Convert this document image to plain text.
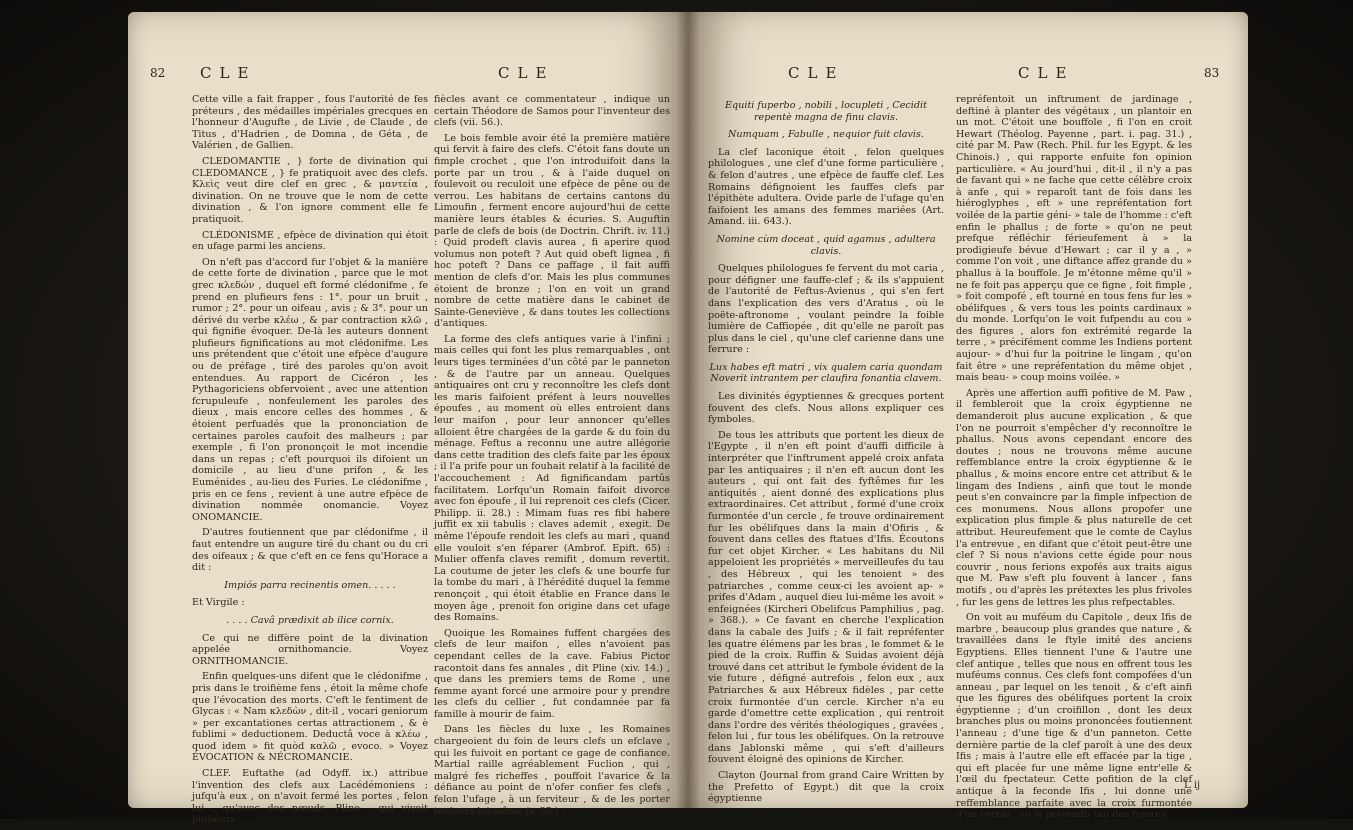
82 CLE	CLE

Cette ville a fait frapper , fous l'autorité de fes préteurs , des médailles impériales grecques en l'honneur d'Augufte , de Livie , de Claude , de Titus , d'Hadrien , de Domna , de Géta , de Valérien , de Gallien.

CLEDOMANTIE , } forte de divination qui CLEDOMANCE , } fe pratiquoit avec des clefs. Κλεὶς veut dire clef en grec , & μαντεία , divination. On ne trouve que le nom de cette divination , & l'on ignore comment elle fe pratiquoit.

CLÉDONISME , efpèce de divination qui étoit en ufage parmi les anciens.

On n'eft pas d'accord fur l'objet & la manière de cette forte de divination , parce que le mot grec κλεδών , duquel eft formé clédonifme , fe prend en plufieurs fens : 1°. pour un bruit , rumor ; 2°. pour un oifeau , avis ; & 3°. pour un dérivé du verbe κλέω , & par contraction κλῶ , qui fignifie évoquer. De-là les auteurs donnent plufieurs fignifications au mot clédonifme. Les uns prétendent que c'étoit une efpèce d'augure ou de préfage , tiré des paroles qu'on avoit entendues. Au rapport de Cicéron , les Pythagoriciens obfervoient , avec une attention fcrupuleufe , nonfeulement les paroles des dieux , mais encore celles des hommes , & étoient perfuadés que la prononciation de certaines paroles caufoit des malheurs ; par exemple , fi l'on prononçoit le mot incendie dans un repas ; c'eft pourquoi ils difoient un domicile , au lieu d'une prifon , & les Euménides , au-lieu des Furies. Le clédonifme , pris en ce fens , revient à une autre efpèce de divination nommée onomancie. Voyez ONOMANCIE.

D'autres foutiennent que par clédonifme , il faut entendre un augure tiré du chant ou du cri des oifeaux ; & que c'eft en ce fens qu'Horace a dit :

Impiós parra recinentis omen. . . . .

Et Virgile :

. . . . Cavâ prædixit ab ilice cornix.

Ce qui ne diffère point de la divination appelée ornithomancie. Voyez ORNITHOMANCIE.

Enfin quelques-uns difent que le clédonifme , pris dans le troifième fens , étoit la même chofe que l'évocation des morts. C'eft le fentiment de Glycas : « Nam κλεδὼν , dit-il , vocari geniorum » per excantationes certas attractionem , & è fublimi » deductionem. Deductâ voce à κλέω , quod idem » fit quòd καλῶ , evoco. » Voyez ÉVOCATION & NÉCROMANCIE.

CLEF. Euftathe (ad Odyff. ix.) attribue l'invention des clefs aux Lacédémoniens ; jufqu'à eux , on n'avoit fermé les portes , felon lui , qu'avec des nœuds. Pline , qui vivoit plufieurs

fiècles avant ce commentateur , indique un certain Théodore de Samos pour l'inventeur des clefs (vii. 56.).

Le bois femble avoir été la première matière qui fervit à faire des clefs. C'étoit fans doute un fimple crochet , que l'on introduifoit dans la porte par un trou , & à l'aide duquel on foulevoit ou reculoit une efpèce de pêne ou de verrou. Les habitans de certains cantons du Limoufin , ferment encore aujourd'hui de cette manière leurs étables & écuries. S. Auguftin parle de clefs de bois (de Doctrin. Chrift. iv. 11.) : Quid prodeft clavis aurea , fi aperire quod volumus non poteft ? Aut quid obeft lignea , fi hoc poteft ? Dans ce paffage , il fait auffi mention de clefs d'or. Mais les plus communes étoient de bronze ; l'on en voit un grand nombre de cette matière dans le cabinet de Sainte-Geneviève , & dans toutes les collections d'antiques.

La forme des clefs antiques varie à l'infini ; mais celles qui font les plus remarquables , ont leurs tiges terminées d'un côté par le panneton , & de l'autre par un anneau. Quelques antiquaires ont cru y reconnoître les clefs dont les maris faifoient préfent à leurs nouvelles époufes , au moment où elles entroient dans leur maifon , pour leur annoncer qu'elles alloient être chargées de la garde & du foin du ménage. Feftus a reconnu une autre allégorie dans cette tradition des clefs faite par les époux ; il l'a prife pour un fouhait relatif à la facilité de l'accouchement : Ad fignificandam partûs facilitatem. Lorfqu'un Romain faifoit divorce avec fon époufe , il lui reprenoit ces clefs (Cicer. Philipp. ii. 28.) : Mimam fuas res fibi habere juffit ex xii tabulis : claves ademit , exegit. De même l'époufe rendoit les clefs au mari , quand elle vouloit s'en féparer (Ambrof. Epift. 65) : Mulier offenfa claves remifit , domum revertit. La coutume de jeter les clefs & une bourfe fur la tombe du mari , à l'hérédité duquel la femme renonçoit , qui étoit établie en France dans le moyen âge , prenoit fon origine dans cet ufage des Romains.

Quoique les Romaines fuffent chargées des clefs de leur maifon , elles n'avoient pas cependant celles de la cave. Fabius Pictor racontoit dans fes annales , dit Pline (xiv. 14.) , que dans les premiers tems de Rome , une femme ayant forcé une armoire pour y prendre les clefs du cellier , fut condamnée par fa famille à mourir de faim.

Dans les fiècles du luxe , les Romaines chargeoient du foin de leurs clefs un efclave , qui les fuivoit en portant ce gage de confiance. Martial raille agréablement Fuclion , qui , malgré fes richeffes , pouffoit l'avarice & la défiance au point de n'ofer confier fes clefs , felon l'ufage , à un ferviteur , & de les porter toujours lui-même (v. 35.) :

CLE	CLE	83

Equiti fuperbo , nobili , locupleti , Cecidit repentè magna de finu clavis.

Numquam , Fabulle , nequior fuit clavis.

La clef laconique étoit , felon quelques philologues , une clef d'une forme particulière , & felon d'autres , une efpèce de fauffe clef. Les Romains défignoient les fauffes clefs par l'épithète adultera. Ovide parle de l'ufage qu'en faifoient les amans des femmes mariées (Art. Amand. iii. 643.).

Nomine cùm doceat , quid agamus , adultera clavis.

Quelques philologues fe fervent du mot caria , pour défigner une fauffe-clef ; & ils s'appuient de l'autorité de Feftus-Avienus , qui s'en fert dans l'explication des vers d'Aratus , où le poëte-aftronome , voulant peindre la foible lumière de Caffiopée , dit qu'elle ne paroît pas plus dans le ciel , qu'une clef carienne dans une ferrure :

Lux habes eft matri , vix qualem caria quondam Noverit intrantem per claufira fonantia clavem.

Les divinités égyptiennes & grecques portent fouvent des clefs. Nous allons expliquer ces fymboles.

De tous les attributs que portent les dieux de l'Egypte , il n'en eft point d'auffi difficile à interpréter que l'inftrument appelé croix anfata par les antiquaires ; il n'en eft aucun dont les auteurs , qui ont fait des fyftêmes fur les antiquités , aient donné des explications plus extraordinaires. Cet attribut , formé d'une croix furmontée d'un cercle , fe trouve ordinairement fur les obélifques dans la main d'Ofiris , & fouvent dans celles des ftatues d'Ifis. Écoutons fur cet objet Kircher. « Les habitans du Nil appeloient les propriétés » merveilleufes du tau , des Hébreux , qui les tenoient » des patriarches , comme ceux-ci les avoient ap- » prifes d'Adam , auquel dieu lui-même les avoit » enfeignées (Kircheri Obelifcus Pamphilius , pag. » 368.). » Ce favant en cherche l'explication dans la cabale des Juifs ; & il fait repréfenter les quatre élémens par les bras , le fommet & le pied de la croix. Ruffin & Suidas avoient déjà trouvé dans cet attribut le fymbole évident de la vie future , défigné autrefois , felon eux , aux Patriarches & aux Hébreux fidèles , par cette croix furmontée d'un cercle. Kircher n'a eu garde d'omettre cette explication , qui rentroit dans l'ordre des vérités théologiques , gravées , felon lui , fur tous les obélifques. On la retrouve dans Jablonski même , qui s'eft d'ailleurs fouvent éloigné des opinions de Kircher.

Clayton (Journal from grand Caire Written by the Prefetto of Egypt.) dit que la croix égyptienne

repréfentoit un inftrument de jardinage , deftiné à planter des végétaux , un plantoir en un mot. C'étoit une bouffole , fi l'on en croit Hewart (Théolog. Payenne , part. i. pag. 31.) , cité par M. Paw (Rech. Phil. fur les Egypt. & les Chinois.) , qui rapporte enfuite fon opinion particulière. « Au jourd'hui , dit-il , il n'y a pas de favant qui » ne fache que cette célèbre croix à anfe , qui » reparoît tant de fois dans les hiéroglyphes , eft » une repréfentation fort voilée de la partie géni- » tale de l'homme : c'eft enfin le phallus ; de forte » qu'on ne peut prefque réfléchir férieufement à » la prodigieufe bévue d'Hewart ; car il y a , » comme l'on voit , une diftance affez grande du » phallus à la bouffole. Je m'étonne même qu'il » ne fe foit pas apperçu que ce figne , foit fimple , » foit compofé , eft tourné en tous fens fur les » obélifques , & vers tous les points cardinaux » du monde. Lorfqu'on le voit fufpendu au cou » des figures , alors fon extrémité regarde la terre , » précifément comme les Indiens portent aujour- » d'hui fur la poitrine le lingam , qu'on fait être » une repréfentation du même objet , mais beau- » coup moins voilée. »

Après une affertion auffi pofitive de M. Paw , il fembleroit que la croix égyptienne ne demanderoit plus aucune explication , & que l'on ne pourroit s'empêcher d'y reconnoître le phallus. Nous avons cependant encore des doutes ; nous ne trouvons même aucune reffemblance entre la croix égyptienne & le phallus , & moins encore entre cet attribut & le lingam des Indiens , ainfi que tout le monde peut s'en convaincre par la fimple infpection de ces monumens. Nous allons propofer une explication plus fimple & plus naturelle de cet attribut. Heureufement que le comte de Caylus l'a entrevue , en difant que c'étoit peut-être une clef ? Si nous n'avions cette égide pour nous couvrir , nous ferions expofés aux traits aigus que M. Paw s'eft plu fouvent à lancer , fans motifs , ou d'après les prétextes les plus frivoles , fur les gens de lettres les plus refpectables.

On voit au muféum du Capitole , deux Ifis de marbre , beaucoup plus grandes que nature , & travaillées dans le ftyle imité des anciens Egyptiens. Elles tiennent l'une & l'autre une clef antique , telles que nous en offrent tous les muféums connus. Ces clefs font compofées d'un anneau , par lequel on les tenoit , & c'eft ainfi que les figures des obélifques portent la croix égyptienne ; d'un croifillon , dont les deux branches plus ou moins prononcées foutiennent l'anneau ; d'une tige & d'un panneton. Cette dernière partie de la clef paroît à une des deux Ifis ; mais à l'autre elle eft effacée par la tige , qui eft placée fur une même ligne entr'elle & l'œil du fpectateur. Cette pofition de la clef antique à la feconde Ifis , lui donne une reffemblance parfaite avec la croix furmontée d'un cercle , ou le prétendu tau des figures

L ij
